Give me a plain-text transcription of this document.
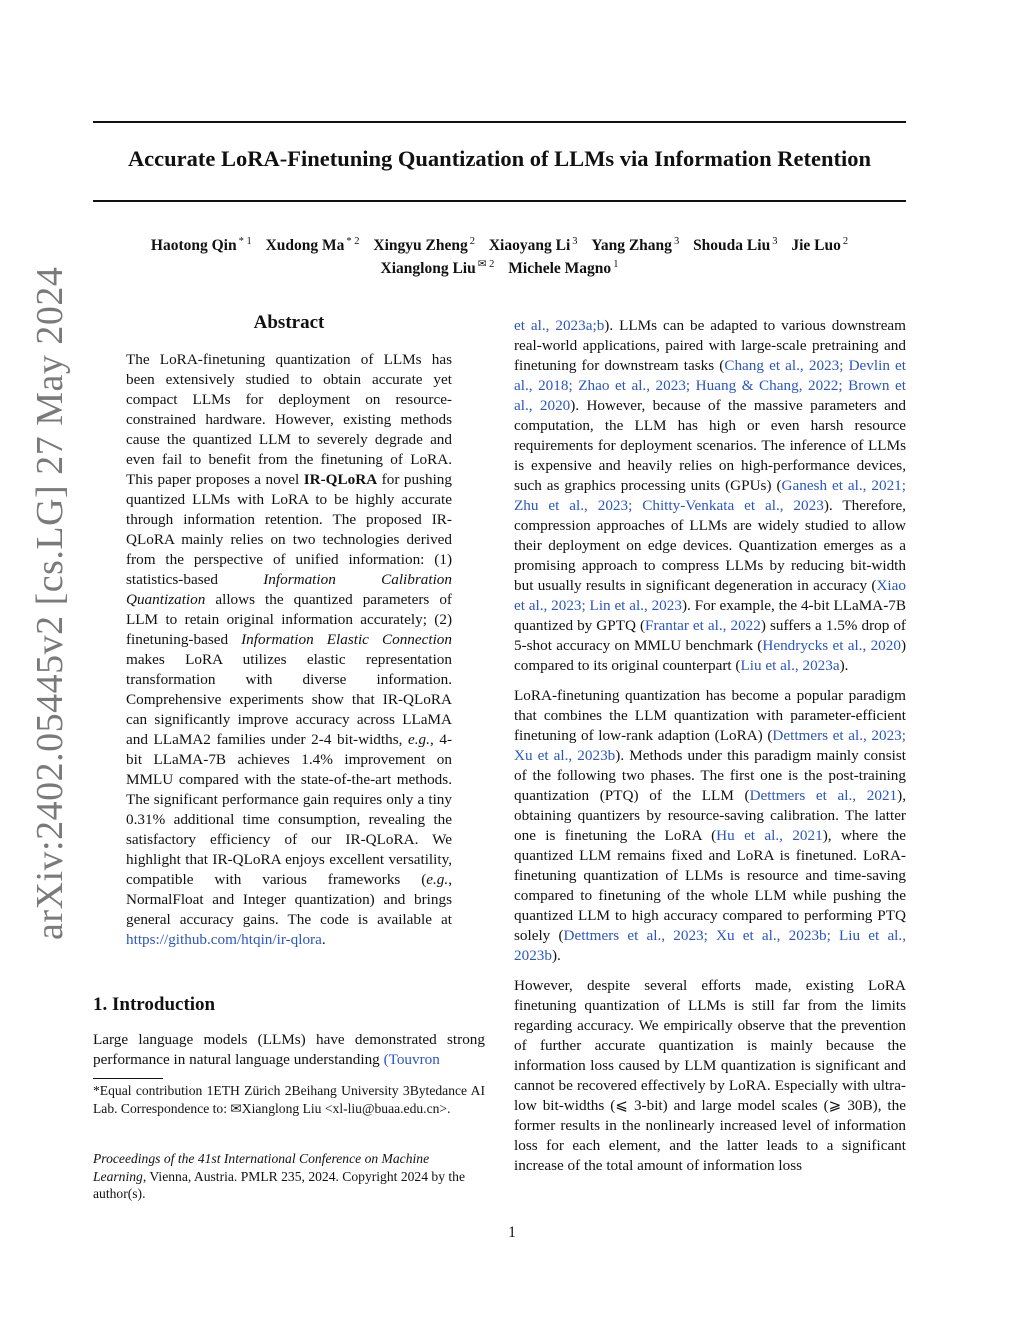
arXiv:2402.05445v2 [cs.LG] 27 May 2024
Accurate LoRA-Finetuning Quantization of LLMs via Information Retention
Haotong Qin $^{* 1}$ Xudong Ma $^{* 2}$ Xingyu Zheng $^2$ Xiaoyang Li $^3$ Yang Zhang $^3$ Shouda Liu $^3$ Jie Luo $^2$
Xianglong Liu $^{✉ 2}$ Michele Magno $^1$
Abstract
The LoRA-finetuning quantization of LLMs has been extensively studied to obtain accurate yet compact LLMs for deployment on resource-constrained hardware. However, existing methods cause the quantized LLM to severely degrade and even fail to benefit from the finetuning of LoRA. This paper proposes a novel IR-QLoRA for pushing quantized LLMs with LoRA to be highly accurate through information retention. The proposed IR-QLoRA mainly relies on two technologies derived from the perspective of unified information: (1) statistics-based Information Calibration Quantization allows the quantized parameters of LLM to retain original information accurately; (2) finetuning-based Information Elastic Connection makes LoRA utilizes elastic representation transformation with diverse information. Comprehensive experiments show that IR-QLoRA can significantly improve accuracy across LLaMA and LLaMA2 families under 2-4 bit-widths, e.g., 4-bit LLaMA-7B achieves 1.4% improvement on MMLU compared with the state-of-the-art methods. The significant performance gain requires only a tiny 0.31% additional time consumption, revealing the satisfactory efficiency of our IR-QLoRA. We highlight that IR-QLoRA enjoys excellent versatility, compatible with various frameworks (e.g., NormalFloat and Integer quantization) and brings general accuracy gains. The code is available at https://github.com/htqin/ir-qlora.
1. Introduction
Large language models (LLMs) have demonstrated strong performance in natural language understanding (Touvron
*Equal contribution 1ETH Zürich 2Beihang University 3Bytedance AI Lab. Correspondence to: ✉Xianglong Liu <xl-liu@buaa.edu.cn>.
Proceedings of the 41st International Conference on Machine Learning, Vienna, Austria. PMLR 235, 2024. Copyright 2024 by the author(s).

et al., 2023a;b). LLMs can be adapted to various downstream real-world applications, paired with large-scale pretraining and finetuning for downstream tasks (Chang et al., 2023; Devlin et al., 2018; Zhao et al., 2023; Huang & Chang, 2022; Brown et al., 2020). However, because of the massive parameters and computation, the LLM has high or even harsh resource requirements for deployment scenarios. The inference of LLMs is expensive and heavily relies on high-performance devices, such as graphics processing units (GPUs) (Ganesh et al., 2021; Zhu et al., 2023; Chitty-Venkata et al., 2023). Therefore, compression approaches of LLMs are widely studied to allow their deployment on edge devices. Quantization emerges as a promising approach to compress LLMs by reducing bit-width but usually results in significant degeneration in accuracy (Xiao et al., 2023; Lin et al., 2023). For example, the 4-bit LLaMA-7B quantized by GPTQ (Frantar et al., 2022) suffers a 1.5% drop of 5-shot accuracy on MMLU benchmark (Hendrycks et al., 2020) compared to its original counterpart (Liu et al., 2023a).

LoRA-finetuning quantization has become a popular paradigm that combines the LLM quantization with parameter-efficient finetuning of low-rank adaption (LoRA) (Dettmers et al., 2023; Xu et al., 2023b). Methods under this paradigm mainly consist of the following two phases. The first one is the post-training quantization (PTQ) of the LLM (Dettmers et al., 2021), obtaining quantizers by resource-saving calibration. The latter one is finetuning the LoRA (Hu et al., 2021), where the quantized LLM remains fixed and LoRA is finetuned. LoRA-finetuning quantization of LLMs is resource and time-saving compared to finetuning of the whole LLM while pushing the quantized LLM to high accuracy compared to performing PTQ solely (Dettmers et al., 2023; Xu et al., 2023b; Liu et al., 2023b).

However, despite several efforts made, existing LoRA finetuning quantization of LLMs is still far from the limits regarding accuracy. We empirically observe that the prevention of further accurate quantization is mainly because the information loss caused by LLM quantization is significant and cannot be recovered effectively by LoRA. Especially with ultra-low bit-widths (⩽ 3-bit) and large model scales (⩾ 30B), the former results in the nonlinearly increased level of information loss for each element, and the latter leads to a significant increase of the total amount of information loss

1
